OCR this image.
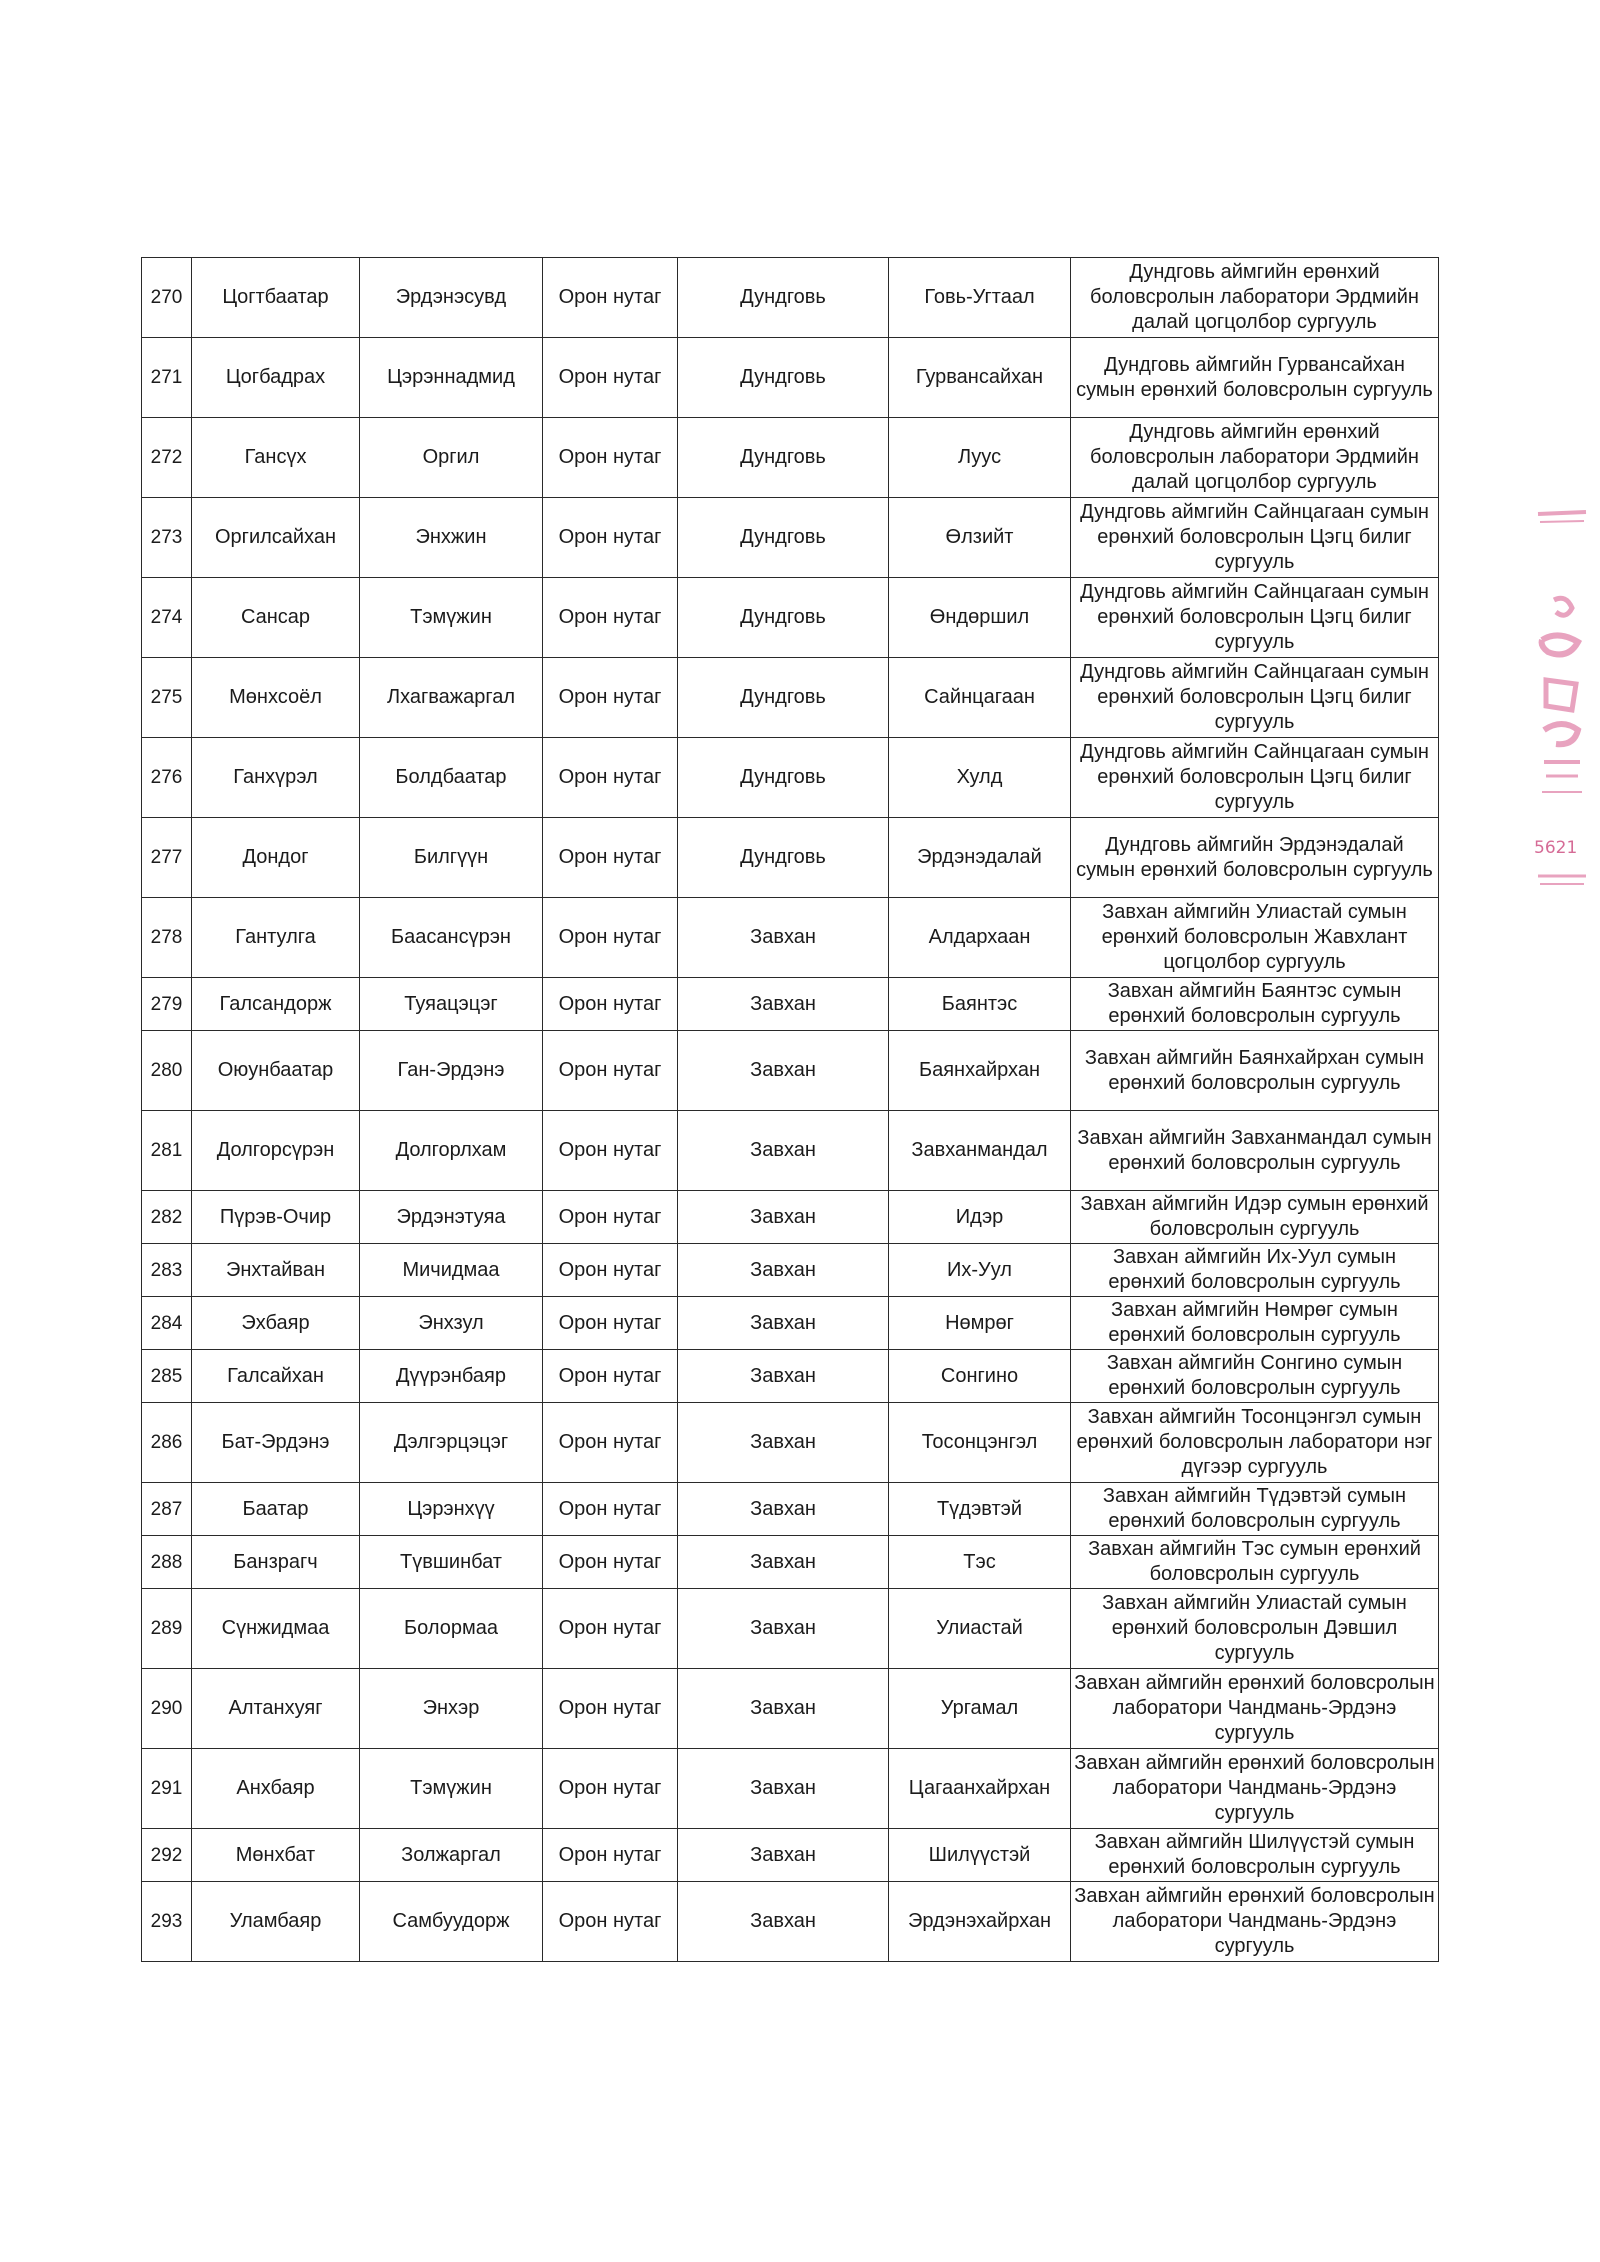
270	Цогтбаатар	Эрдэнэсувд	Орон нутаг	Дундговь	Говь-Угтаал	Дундговь аймгийн ерөнхий боловсролын лаборатори Эрдмийн далай цогцолбор сургууль
271	Цогбадрах	Цэрэннадмид	Орон нутаг	Дундговь	Гурвансайхан	Дундговь аймгийн Гурвансайхан сумын ерөнхий боловсролын сургууль
272	Гансүх	Оргил	Орон нутаг	Дундговь	Луус	Дундговь аймгийн ерөнхий боловсролын лаборатори Эрдмийн далай цогцолбор сургууль
273	Оргилсайхан	Энхжин	Орон нутаг	Дундговь	Өлзийт	Дундговь аймгийн Сайнцагаан сумын ерөнхий боловсролын Цэгц билиг сургууль
274	Сансар	Тэмүжин	Орон нутаг	Дундговь	Өндөршил	Дундговь аймгийн Сайнцагаан сумын ерөнхий боловсролын Цэгц билиг сургууль
275	Мөнхсоёл	Лхагважаргал	Орон нутаг	Дундговь	Сайнцагаан	Дундговь аймгийн Сайнцагаан сумын ерөнхий боловсролын Цэгц билиг сургууль
276	Ганхүрэл	Болдбаатар	Орон нутаг	Дундговь	Хулд	Дундговь аймгийн Сайнцагаан сумын ерөнхий боловсролын Цэгц билиг сургууль
277	Дондог	Билгүүн	Орон нутаг	Дундговь	Эрдэнэдалай	Дундговь аймгийн Эрдэнэдалай сумын ерөнхий боловсролын сургууль
278	Гантулга	Баасансүрэн	Орон нутаг	Завхан	Алдархаан	Завхан аймгийн Улиастай сумын ерөнхий боловсролын Жавхлант цогцолбор сургууль
279	Галсандорж	Туяацэцэг	Орон нутаг	Завхан	Баянтэс	Завхан аймгийн Баянтэс сумын ерөнхий боловсролын сургууль
280	Оюунбаатар	Ган-Эрдэнэ	Орон нутаг	Завхан	Баянхайрхан	Завхан аймгийн Баянхайрхан сумын ерөнхий боловсролын сургууль
281	Долгорсүрэн	Долгорлхам	Орон нутаг	Завхан	Завханмандал	Завхан аймгийн Завханмандал сумын ерөнхий боловсролын сургууль
282	Пүрэв-Очир	Эрдэнэтуяа	Орон нутаг	Завхан	Идэр	Завхан аймгийн Идэр сумын ерөнхий боловсролын сургууль
283	Энхтайван	Мичидмаа	Орон нутаг	Завхан	Их-Уул	Завхан аймгийн Их-Уул сумын ерөнхий боловсролын сургууль
284	Эхбаяр	Энхзул	Орон нутаг	Завхан	Нөмрөг	Завхан аймгийн Нөмрөг сумын ерөнхий боловсролын сургууль
285	Галсайхан	Дүүрэнбаяр	Орон нутаг	Завхан	Сонгино	Завхан аймгийн Сонгино сумын ерөнхий боловсролын сургууль
286	Бат-Эрдэнэ	Дэлгэрцэцэг	Орон нутаг	Завхан	Тосонцэнгэл	Завхан аймгийн Тосонцэнгэл сумын ерөнхий боловсролын лаборатори нэг дүгээр сургууль
287	Баатар	Цэрэнхүү	Орон нутаг	Завхан	Түдэвтэй	Завхан аймгийн Түдэвтэй сумын ерөнхий боловсролын сургууль
288	Банзрагч	Түвшинбат	Орон нутаг	Завхан	Тэс	Завхан аймгийн Тэс сумын ерөнхий боловсролын сургууль
289	Сүнжидмаа	Болормаа	Орон нутаг	Завхан	Улиастай	Завхан аймгийн Улиастай сумын ерөнхий боловсролын Дэвшил сургууль
290	Алтанхуяг	Энхэр	Орон нутаг	Завхан	Ургамал	Завхан аймгийн ерөнхий боловсролын лаборатори Чандмань-Эрдэнэ сургууль
291	Анхбаяр	Тэмүжин	Орон нутаг	Завхан	Цагаанхайрхан	Завхан аймгийн ерөнхий боловсролын лаборатори Чандмань-Эрдэнэ сургууль
292	Мөнхбат	Золжаргал	Орон нутаг	Завхан	Шилүүстэй	Завхан аймгийн Шилүүстэй сумын ерөнхий боловсролын сургууль
293	Уламбаяр	Самбуудорж	Орон нутаг	Завхан	Эрдэнэхайрхан	Завхан аймгийн ерөнхий боловсролын лаборатори Чандмань-Эрдэнэ сургууль
5621
